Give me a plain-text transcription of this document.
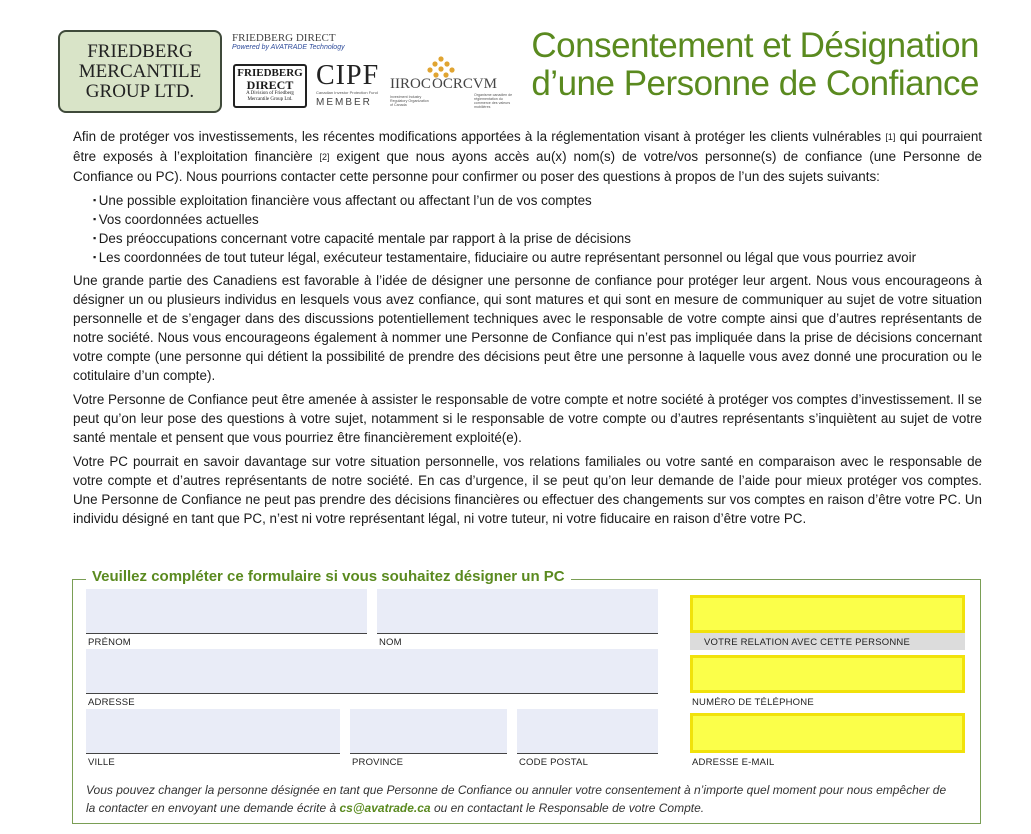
FRIEDBERG
MERCANTILE
GROUP LTD.
FRIEDBERG DIRECT
Powered by AVATRADE Technology
FRIEDBERG
DIRECT
A Division of Friedberg Mercantile Group Ltd.
CIPF
Canadian Investor Protection Fund
MEMBER
IIROC
Investment Industry Regulatory Organization of Canada
OCRCVM
Organisme canadien de réglementation du commerce des valeurs mobilières
Consentement et Désignation
d’une Personne de Confiance

Afin de protéger vos investissements, les récentes modifications apportées à la réglementation visant à protéger les clients vulnérables [1] qui pourraient être exposés à l’exploitation financière [2] exigent que nous ayons accès au(x) nom(s) de votre/vos personne(s) de confiance (une Personne de Confiance ou PC). Nous pourrions contacter cette personne pour confirmer ou poser des questions à propos de l’un des sujets suivants:

▪ Une possible exploitation financière vous affectant ou affectant l’un de vos comptes
▪ Vos coordonnées actuelles
▪ Des préoccupations concernant votre capacité mentale par rapport à la prise de décisions
▪ Les coordonnées de tout tuteur légal, exécuteur testamentaire, fiduciaire ou autre représentant personnel ou légal que vous pourriez avoir

Une grande partie des Canadiens est favorable à l’idée de désigner une personne de confiance pour protéger leur argent. Nous vous encourageons à désigner un ou plusieurs individus en lesquels vous avez confiance, qui sont matures et qui sont en mesure de communiquer au sujet de votre situation personnelle et de s’engager dans des discussions potentiellement techniques avec le responsable de votre compte ainsi que d’autres représentants de notre société. Nous vous encourageons également à nommer une Personne de Confiance qui n’est pas impliquée dans la prise de décisions concernant votre compte (une personne qui détient la possibilité de prendre des décisions peut être une personne à laquelle vous avez donné une procuration ou le cotitulaire d’un compte).

Votre Personne de Confiance peut être amenée à assister le responsable de votre compte et notre société à protéger vos comptes d’investissement. Il se peut qu’on leur pose des questions à votre sujet, notamment si le responsable de votre compte ou d’autres représentants s’inquiètent au sujet de votre santé mentale et pensent que vous pourriez être financièrement exploité(e).

Votre PC pourrait en savoir davantage sur votre situation personnelle, vos relations familiales ou votre santé en comparaison avec le responsable de votre compte et d’autres représentants de notre société. En cas d’urgence, il se peut qu’on leur demande de l’aide pour mieux protéger vos comptes. Une Personne de Confiance ne peut pas prendre des décisions financières ou effectuer des changements sur vos comptes en raison d’être votre PC. Un individu désigné en tant que PC, n’est ni votre représentant légal, ni votre tuteur, ni votre fiducaire en raison d’être votre PC.

Veuillez compléter ce formulaire si vous souhaitez désigner un PC
PRÉNOM	NOM	VOTRE RELATION AVEC CETTE PERSONNE
ADRESSE	NUMÉRO DE TÉLÉPHONE
VILLE	PROVINCE	CODE POSTAL	ADRESSE E-MAIL
Vous pouvez changer la personne désignée en tant que Personne de Confiance ou annuler votre consentement à n’importe quel moment pour nous empêcher de la contacter en envoyant une demande écrite à cs@avatrade.ca ou en contactant le Responsable de votre Compte.
